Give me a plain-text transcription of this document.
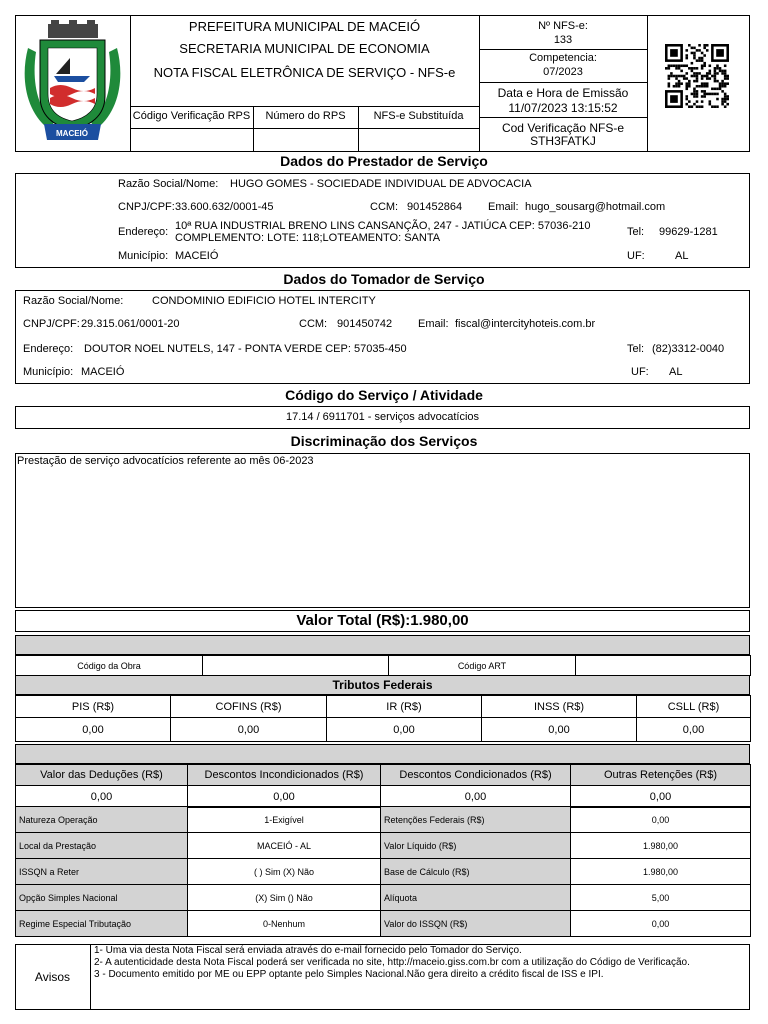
MACEIÓ
PREFEITURA MUNICIPAL DE MACEIÓ
SECRETARIA MUNICIPAL DE ECONOMIA
NOTA FISCAL ELETRÔNICA DE SERVIÇO - NFS-e
Código Verificação RPS	Número do RPS	NFS-e Substituída
Nº NFS-e:
133
Competencia:
07/2023
Data e Hora de Emissão
11/07/2023 13:15:52
Cod Verificação NFS-e
STH3FATKJ
Dados do Prestador de Serviço
Razão Social/Nome: HUGO GOMES - SOCIEDADE INDIVIDUAL DE ADVOCACIA
CNPJ/CPF: 33.600.632/0001-45	CCM: 901452864 Email: hugo_sousarg@hotmail.com
Endereço: 10ª RUA INDUSTRIAL BRENO LINS CANSANÇÃO, 247 - JATIÚCA CEP: 57036-210
COMPLEMENTO: LOTE: 118;LOTEAMENTO: SANTA	Tel: 99629-1281
Município: MACEIÓ	UF:	AL
Dados do Tomador de Serviço
Razão Social/Nome:	CONDOMINIO EDIFICIO HOTEL INTERCITY
CNPJ/CPF: 29.315.061/0001-20	CCM: 901450742 Email: fiscal@intercityhoteis.com.br
Endereço: DOUTOR NOEL NUTELS, 147 - PONTA VERDE CEP: 57035-450	Tel: (82)3312-0040
Município: MACEIÓ	UF: AL
Código do Serviço / Atividade
17.14 / 6911701 - serviços advocatícios
Discriminação dos Serviços
Prestação de serviço advocatícios referente ao mês 06-2023
Valor Total (R$):1.980,00
Código da Obra		Código ART	
Tributos Federais
PIS (R$)	COFINS (R$)	IR (R$)	INSS (R$)	CSLL (R$)
0,00	0,00	0,00	0,00	0,00
Valor das Deduções (R$)	Descontos Incondicionados (R$)	Descontos Condicionados (R$)	Outras Retenções (R$)
0,00	0,00	0,00	0,00
Natureza Operação	1-Exigível	Retenções Federais (R$)	0,00
Local da Prestação	MACEIÓ - AL	Valor Líquido (R$)	1.980,00
ISSQN a Reter	( ) Sim (X) Não	Base de Cálculo (R$)	1.980,00
Opção Simples Nacional	(X) Sim () Não	Alíquota	5,00
Regime Especial Tributação	0-Nenhum	Valor do ISSQN (R$)	0,00
Avisos
1- Uma via desta Nota Fiscal será enviada através do e-mail fornecido pelo Tomador do Serviço.
2- A autenticidade desta Nota Fiscal poderá ser verificada no site, http://maceio.giss.com.br com a utilização do Código de Verificação.
3 - Documento emitido por ME ou EPP optante pelo Simples Nacional.Não gera direito a crédito fiscal de ISS e IPI.
